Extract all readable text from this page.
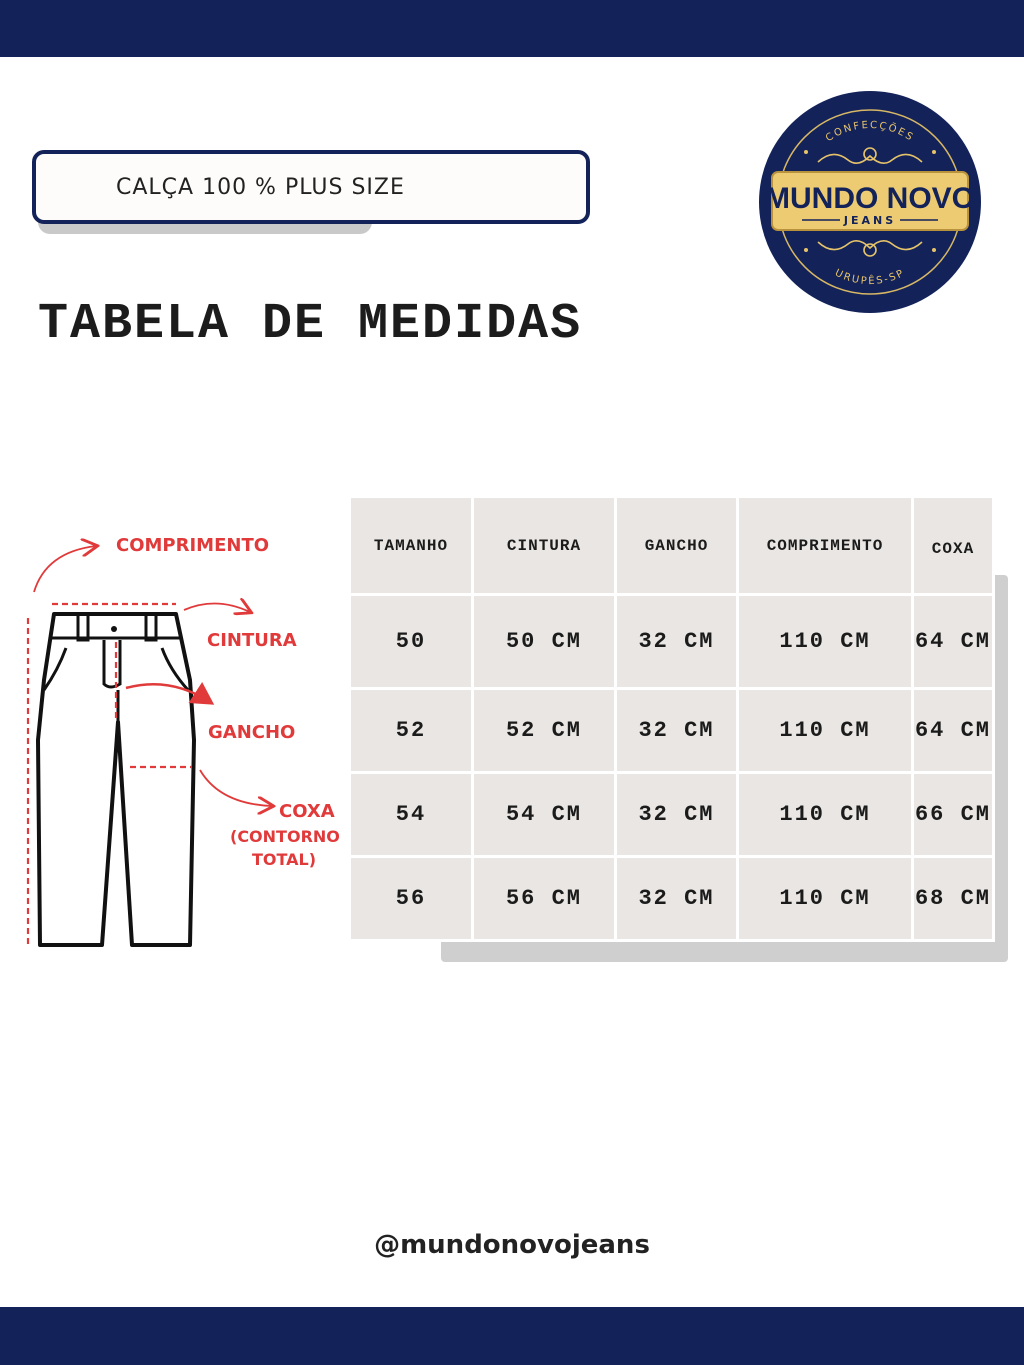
CALÇA 100 % PLUS SIZE
CONFECÇÕES
URUPÊS-SP
MUNDO NOVO
JEANS
TABELA DE MEDIDAS
COMPRIMENTO
CINTURA
GANCHO
COXA
(CONTORNO
TOTAL)
TAMANHO	CINTURA	GANCHO	COMPRIMENTO	COXA
50	50 CM	32 CM	110 CM	64 CM
52	52 CM	32 CM	110 CM	64 CM
54	54 CM	32 CM	110 CM	66 CM
56	56 CM	32 CM	110 CM	68 CM
@mundonovojeans
